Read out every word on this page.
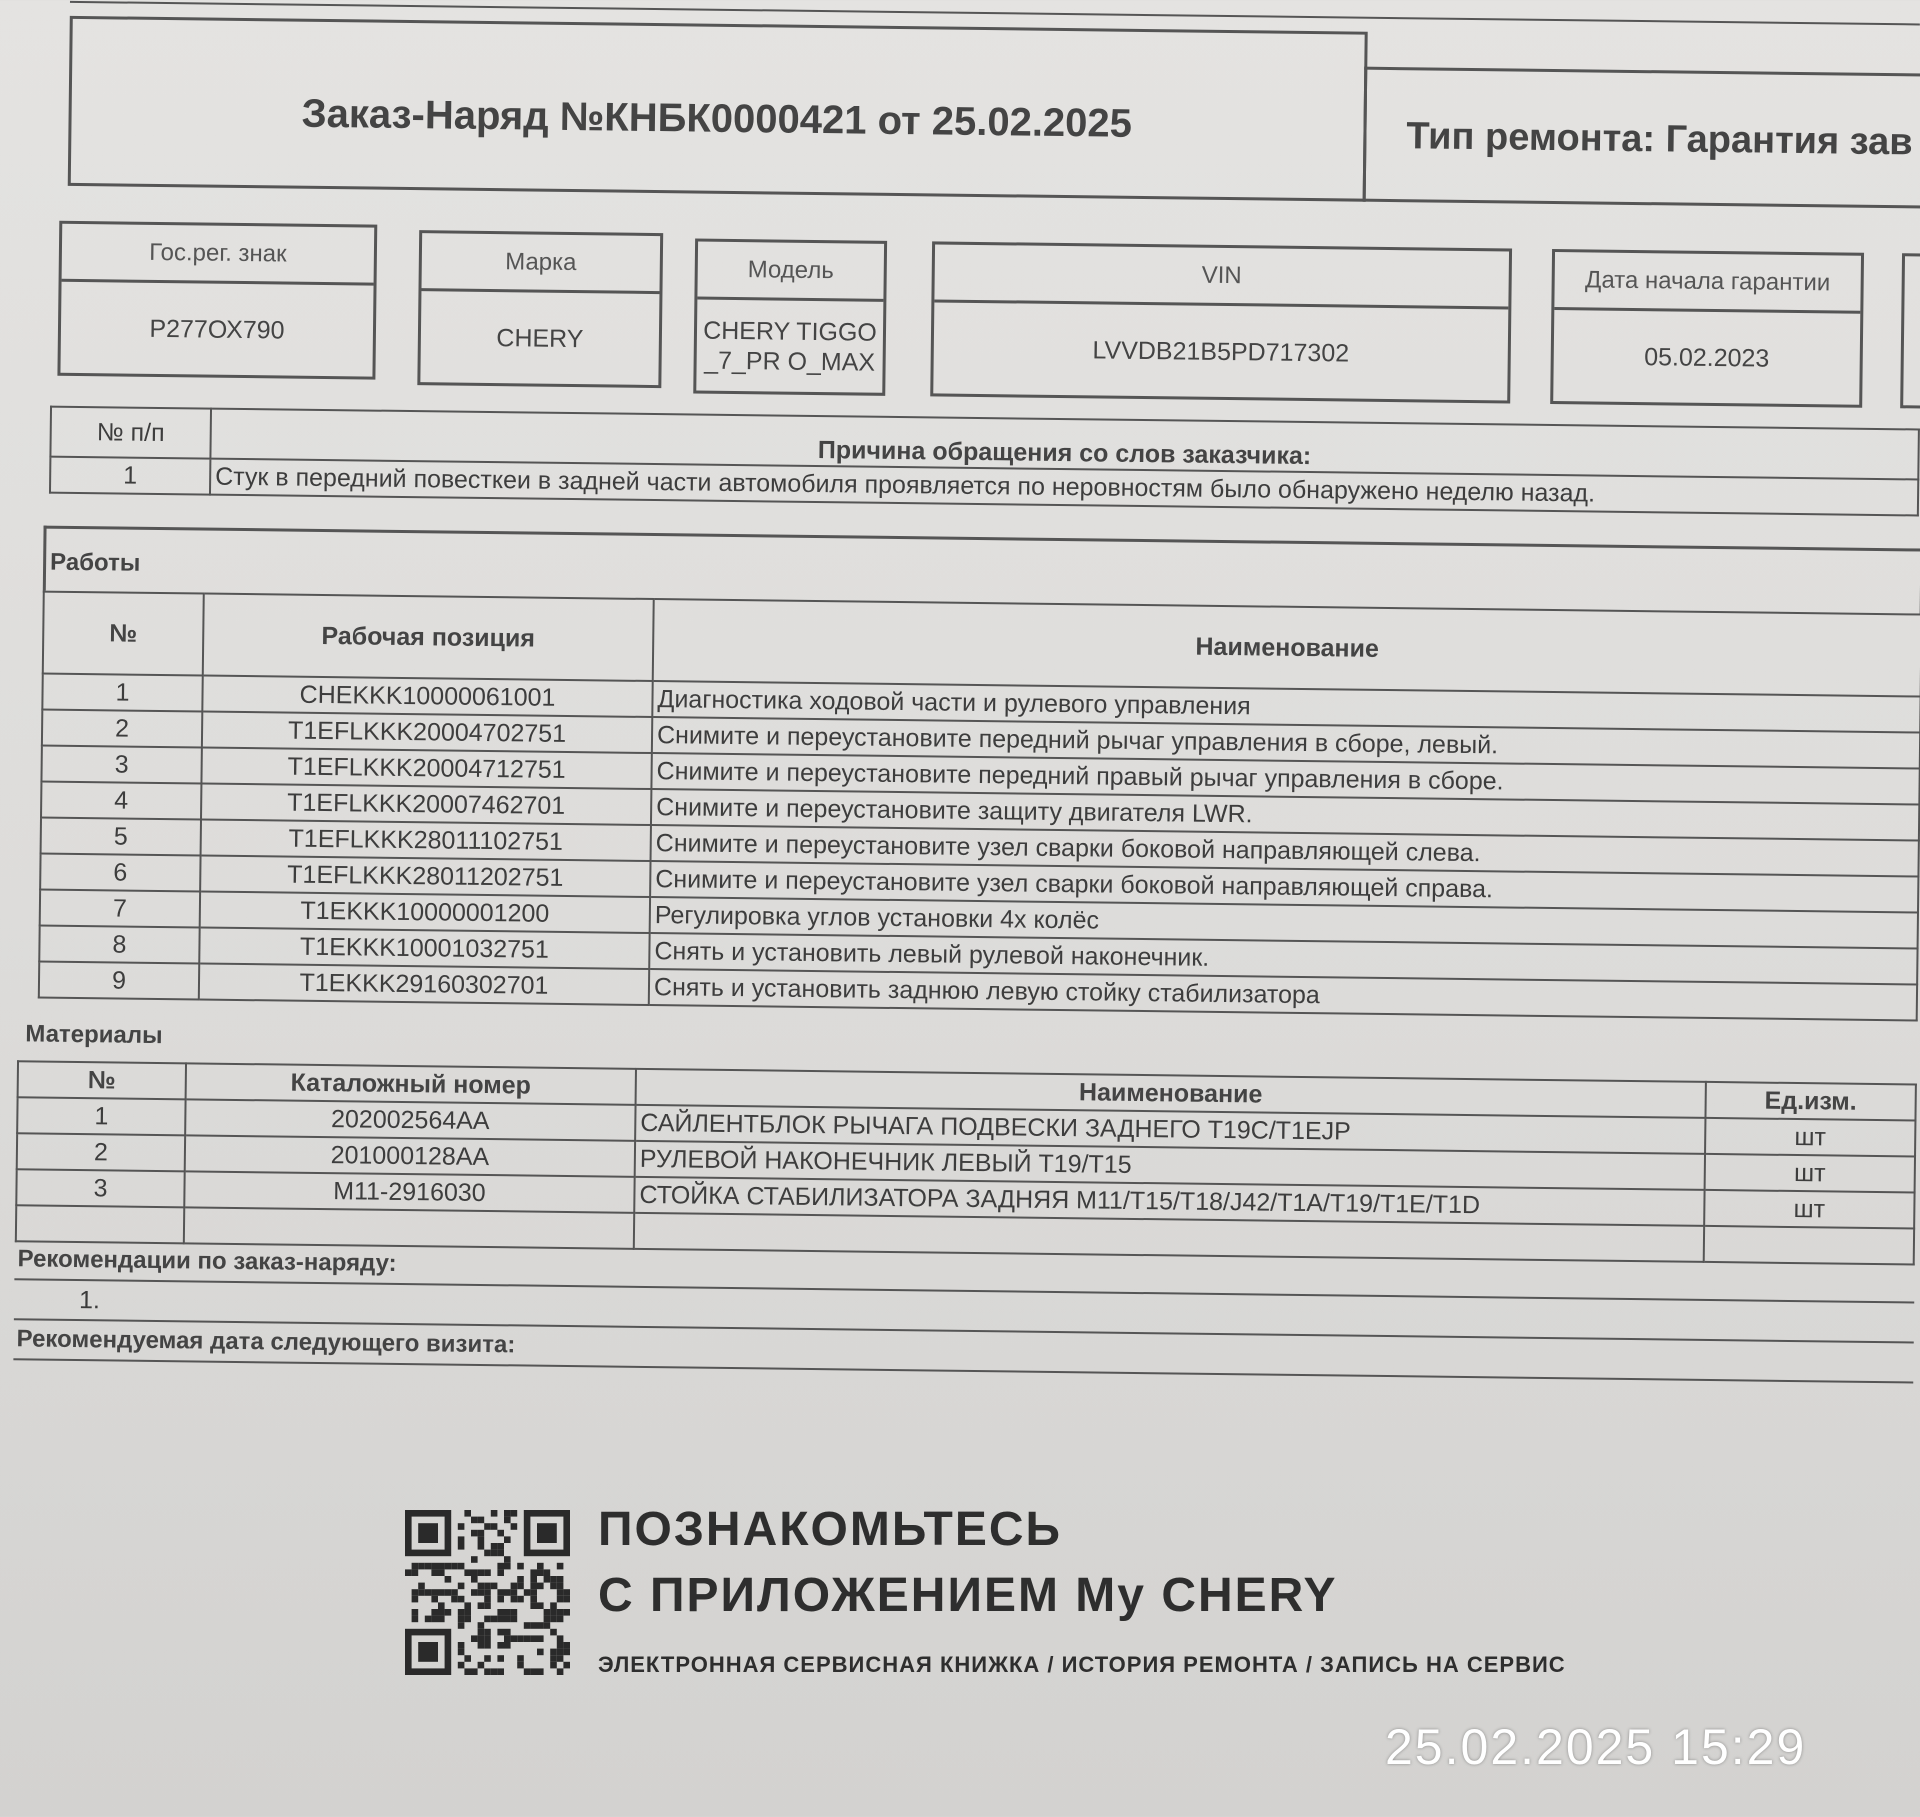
Заказ-Наряд №КНБК0000421 от 25.02.2025	Тип ремонта: Гарантия зав
Гос.рег. знак
Р277ОХ790
Марка
CHERY
Модель
CHERY TIGGO_7_PR O_MAX
VIN
LVVDB21B5PD717302
Дата начала гарантии
05.02.2023
№ п/п	Причина обращения со слов заказчика:
1	Стук в передний повесткеи в задней части автомобиля проявляется по неровностям было обнаружено неделю назад.
Работы
№	Рабочая позиция	Наименование
1	CHEKKK10000061001	Диагностика ходовой части и рулевого управления
2	T1EFLKKK20004702751	Снимите и переустановите передний рычаг управления в сборе, левый.
3	T1EFLKKK20004712751	Снимите и переустановите передний правый рычаг управления в сборе.
4	T1EFLKKK20007462701	Снимите и переустановите защиту двигателя LWR.
5	T1EFLKKK28011102751	Снимите и переустановите узел сварки боковой направляющей слева.
6	T1EFLKKK28011202751	Снимите и переустановите узел сварки боковой направляющей справа.
7	T1EKKK10000001200	Регулировка углов установки 4х колёс
8	T1EKKK10001032751	Снять и установить левый рулевой наконечник.
9	T1EKKK29160302701	Снять и установить заднюю левую стойку стабилизатора
Материалы
№	Каталожный номер	Наименование	Ед.изм.
1	202002564AA	САЙЛЕНТБЛОК РЫЧАГА ПОДВЕСКИ ЗАДНЕГО T19C/T1EJP	шт
2	201000128AA	РУЛЕВОЙ НАКОНЕЧНИК ЛЕВЫЙ T19/T15	шт
3	M11-2916030	СТОЙКА СТАБИЛИЗАТОРА ЗАДНЯЯ M11/T15/T18/J42/T1A/T19/T1E/T1D	шт

Рекомендации по заказ-наряду:
1.
Рекомендуемая дата следующего визита:
ПОЗНАКОМЬТЕСЬ
С ПРИЛОЖЕНИЕМ My CHERY
ЭЛЕКТРОННАЯ СЕРВИСНАЯ КНИЖКА / ИСТОРИЯ РЕМОНТА / ЗАПИСЬ НА СЕРВИС
25.02.2025 15:29
